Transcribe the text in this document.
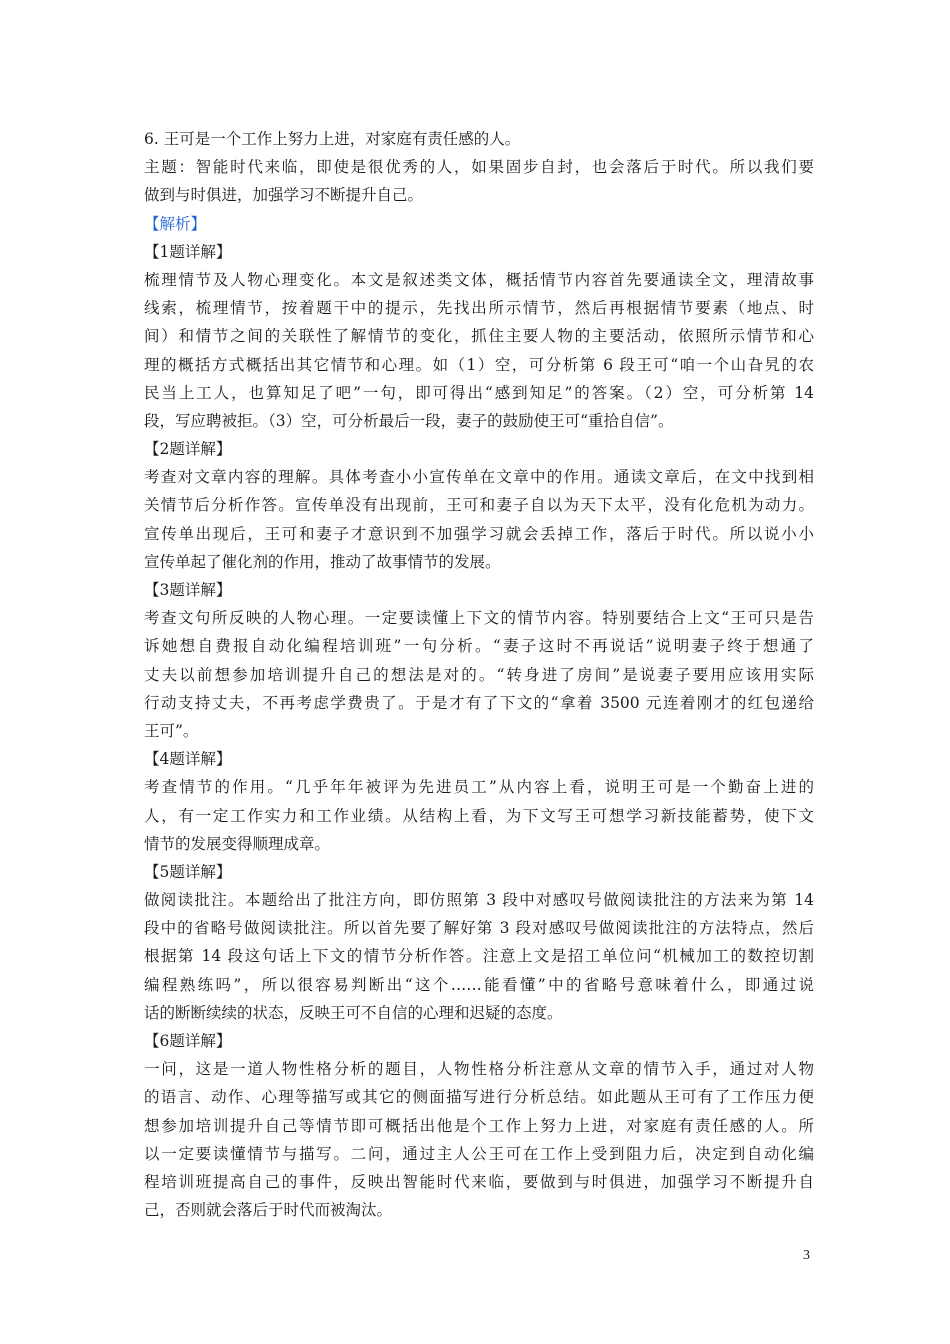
6. 王可是一个工作上努力上进，对家庭有责任感的人。
主题：智能时代来临，即使是很优秀的人，如果固步自封，也会落后于时代。所以我们要
做到与时俱进，加强学习不断提升自己。
【解析】
【1题详解】
梳理情节及人物心理变化。本文是叙述类文体，概括情节内容首先要通读全文，理清故事
线索，梳理情节，按着题干中的提示，先找出所示情节，然后再根据情节要素（地点、时
间）和情节之间的关联性了解情节的变化，抓住主要人物的主要活动，依照所示情节和心
理的概括方式概括出其它情节和心理。如（1）空，可分析第 6 段王可“咱一个山旮旯的农
民当上工人，也算知足了吧”一句，即可得出“感到知足”的答案。（2）空，可分析第 14
段，写应聘被拒。（3）空，可分析最后一段，妻子的鼓励使王可“重拾自信”。
【2题详解】
考查对文章内容的理解。具体考查小小宣传单在文章中的作用。通读文章后，在文中找到相
关情节后分析作答。宣传单没有出现前，王可和妻子自以为天下太平，没有化危机为动力。
宣传单出现后，王可和妻子才意识到不加强学习就会丢掉工作，落后于时代。所以说小小
宣传单起了催化剂的作用，推动了故事情节的发展。
【3题详解】
考查文句所反映的人物心理。一定要读懂上下文的情节内容。特别要结合上文“王可只是告
诉她想自费报自动化编程培训班”一句分析。“妻子这时不再说话”说明妻子终于想通了
丈夫以前想参加培训提升自己的想法是对的。“转身进了房间”是说妻子要用应该用实际
行动支持丈夫，不再考虑学费贵了。于是才有了下文的“拿着 3500 元连着刚才的红包递给
王可”。
【4题详解】
考查情节的作用。“几乎年年被评为先进员工”从内容上看，说明王可是一个勤奋上进的
人，有一定工作实力和工作业绩。从结构上看，为下文写王可想学习新技能蓄势，使下文
情节的发展变得顺理成章。
【5题详解】
做阅读批注。本题给出了批注方向，即仿照第 3 段中对感叹号做阅读批注的方法来为第 14
段中的省略号做阅读批注。所以首先要了解好第 3 段对感叹号做阅读批注的方法特点，然后
根据第 14 段这句话上下文的情节分析作答。注意上文是招工单位问“机械加工的数控切割
编程熟练吗”，所以很容易判断出“这个……能看懂”中的省略号意味着什么，即通过说
话的断断续续的状态，反映王可不自信的心理和迟疑的态度。
【6题详解】
一问，这是一道人物性格分析的题目，人物性格分析注意从文章的情节入手，通过对人物
的语言、动作、心理等描写或其它的侧面描写进行分析总结。如此题从王可有了工作压力便
想参加培训提升自己等情节即可概括出他是个工作上努力上进，对家庭有责任感的人。所
以一定要读懂情节与描写。二问，通过主人公王可在工作上受到阻力后，决定到自动化编
程培训班提高自己的事件，反映出智能时代来临，要做到与时俱进，加强学习不断提升自
己，否则就会落后于时代而被淘汰。
3
